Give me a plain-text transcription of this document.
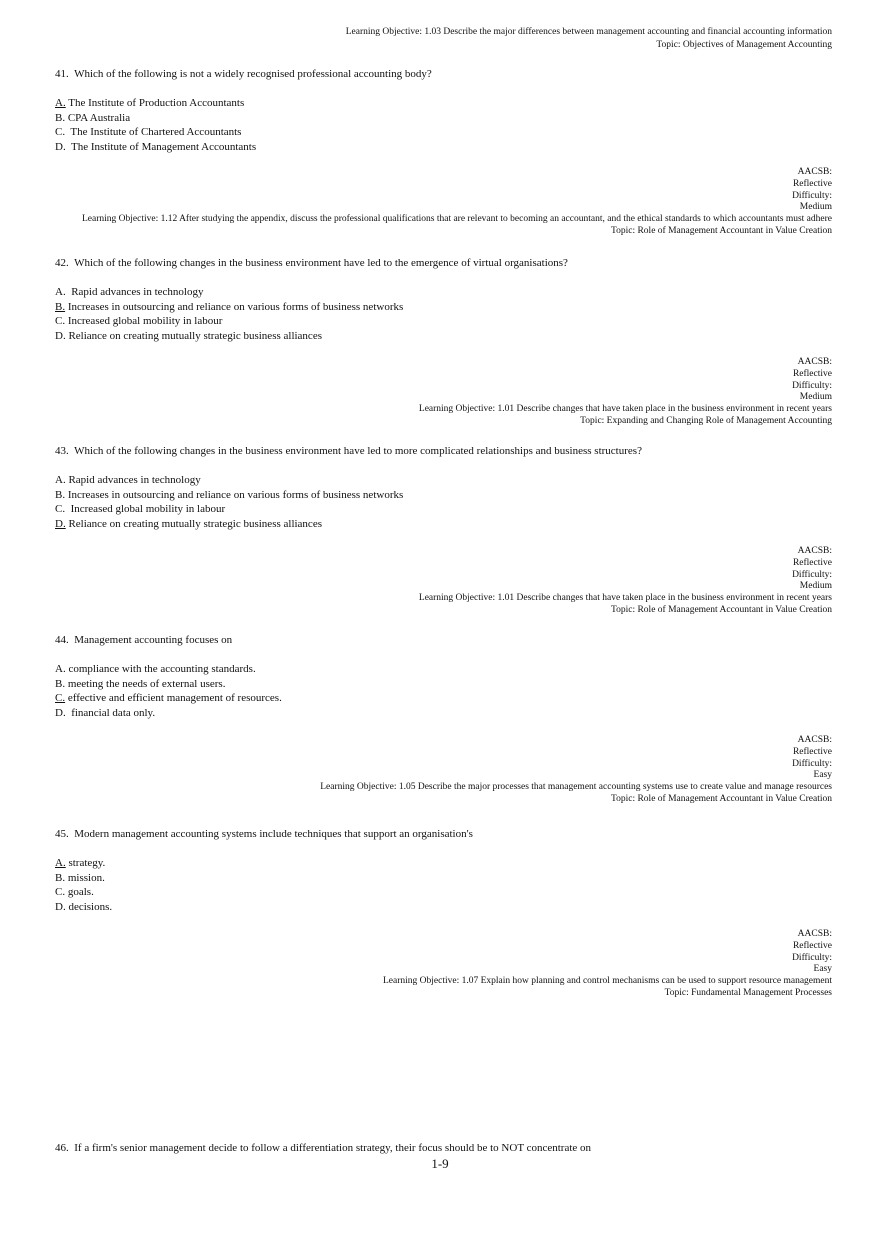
Learning Objective: 1.03 Describe the major differences between management accounting and financial accounting information
Topic: Objectives of Management Accounting

41. Which of the following is not a widely recognised professional accounting body?

A. The Institute of Production Accountants
B. CPA Australia
C. The Institute of Chartered Accountants
D. The Institute of Management Accountants
AACSB:
Reflective
Difficulty:
Medium
Learning Objective: 1.12 After studying the appendix, discuss the professional qualifications that are relevant to becoming an accountant, and the ethical standards to which accountants must adhere
Topic: Role of Management Accountant in Value Creation

42. Which of the following changes in the business environment have led to the emergence of virtual organisations?

A. Rapid advances in technology
B. Increases in outsourcing and reliance on various forms of business networks
C. Increased global mobility in labour
D. Reliance on creating mutually strategic business alliances
AACSB:
Reflective
Difficulty:
Medium
Learning Objective: 1.01 Describe changes that have taken place in the business environment in recent years
Topic: Expanding and Changing Role of Management Accounting

43. Which of the following changes in the business environment have led to more complicated relationships and business structures?

A. Rapid advances in technology
B. Increases in outsourcing and reliance on various forms of business networks
C. Increased global mobility in labour
D. Reliance on creating mutually strategic business alliances
AACSB:
Reflective
Difficulty:
Medium
Learning Objective: 1.01 Describe changes that have taken place in the business environment in recent years
Topic: Role of Management Accountant in Value Creation

44. Management accounting focuses on

A. compliance with the accounting standards.
B. meeting the needs of external users.
C. effective and efficient management of resources.
D. financial data only.
AACSB:
Reflective
Difficulty:
Easy
Learning Objective: 1.05 Describe the major processes that management accounting systems use to create value and manage resources
Topic: Role of Management Accountant in Value Creation

45. Modern management accounting systems include techniques that support an organisation's

A. strategy.
B. mission.
C. goals.
D. decisions.
AACSB:
Reflective
Difficulty:
Easy
Learning Objective: 1.07 Explain how planning and control mechanisms can be used to support resource management
Topic: Fundamental Management Processes

46. If a firm's senior management decide to follow a differentiation strategy, their focus should be to NOT concentrate on

1-9
